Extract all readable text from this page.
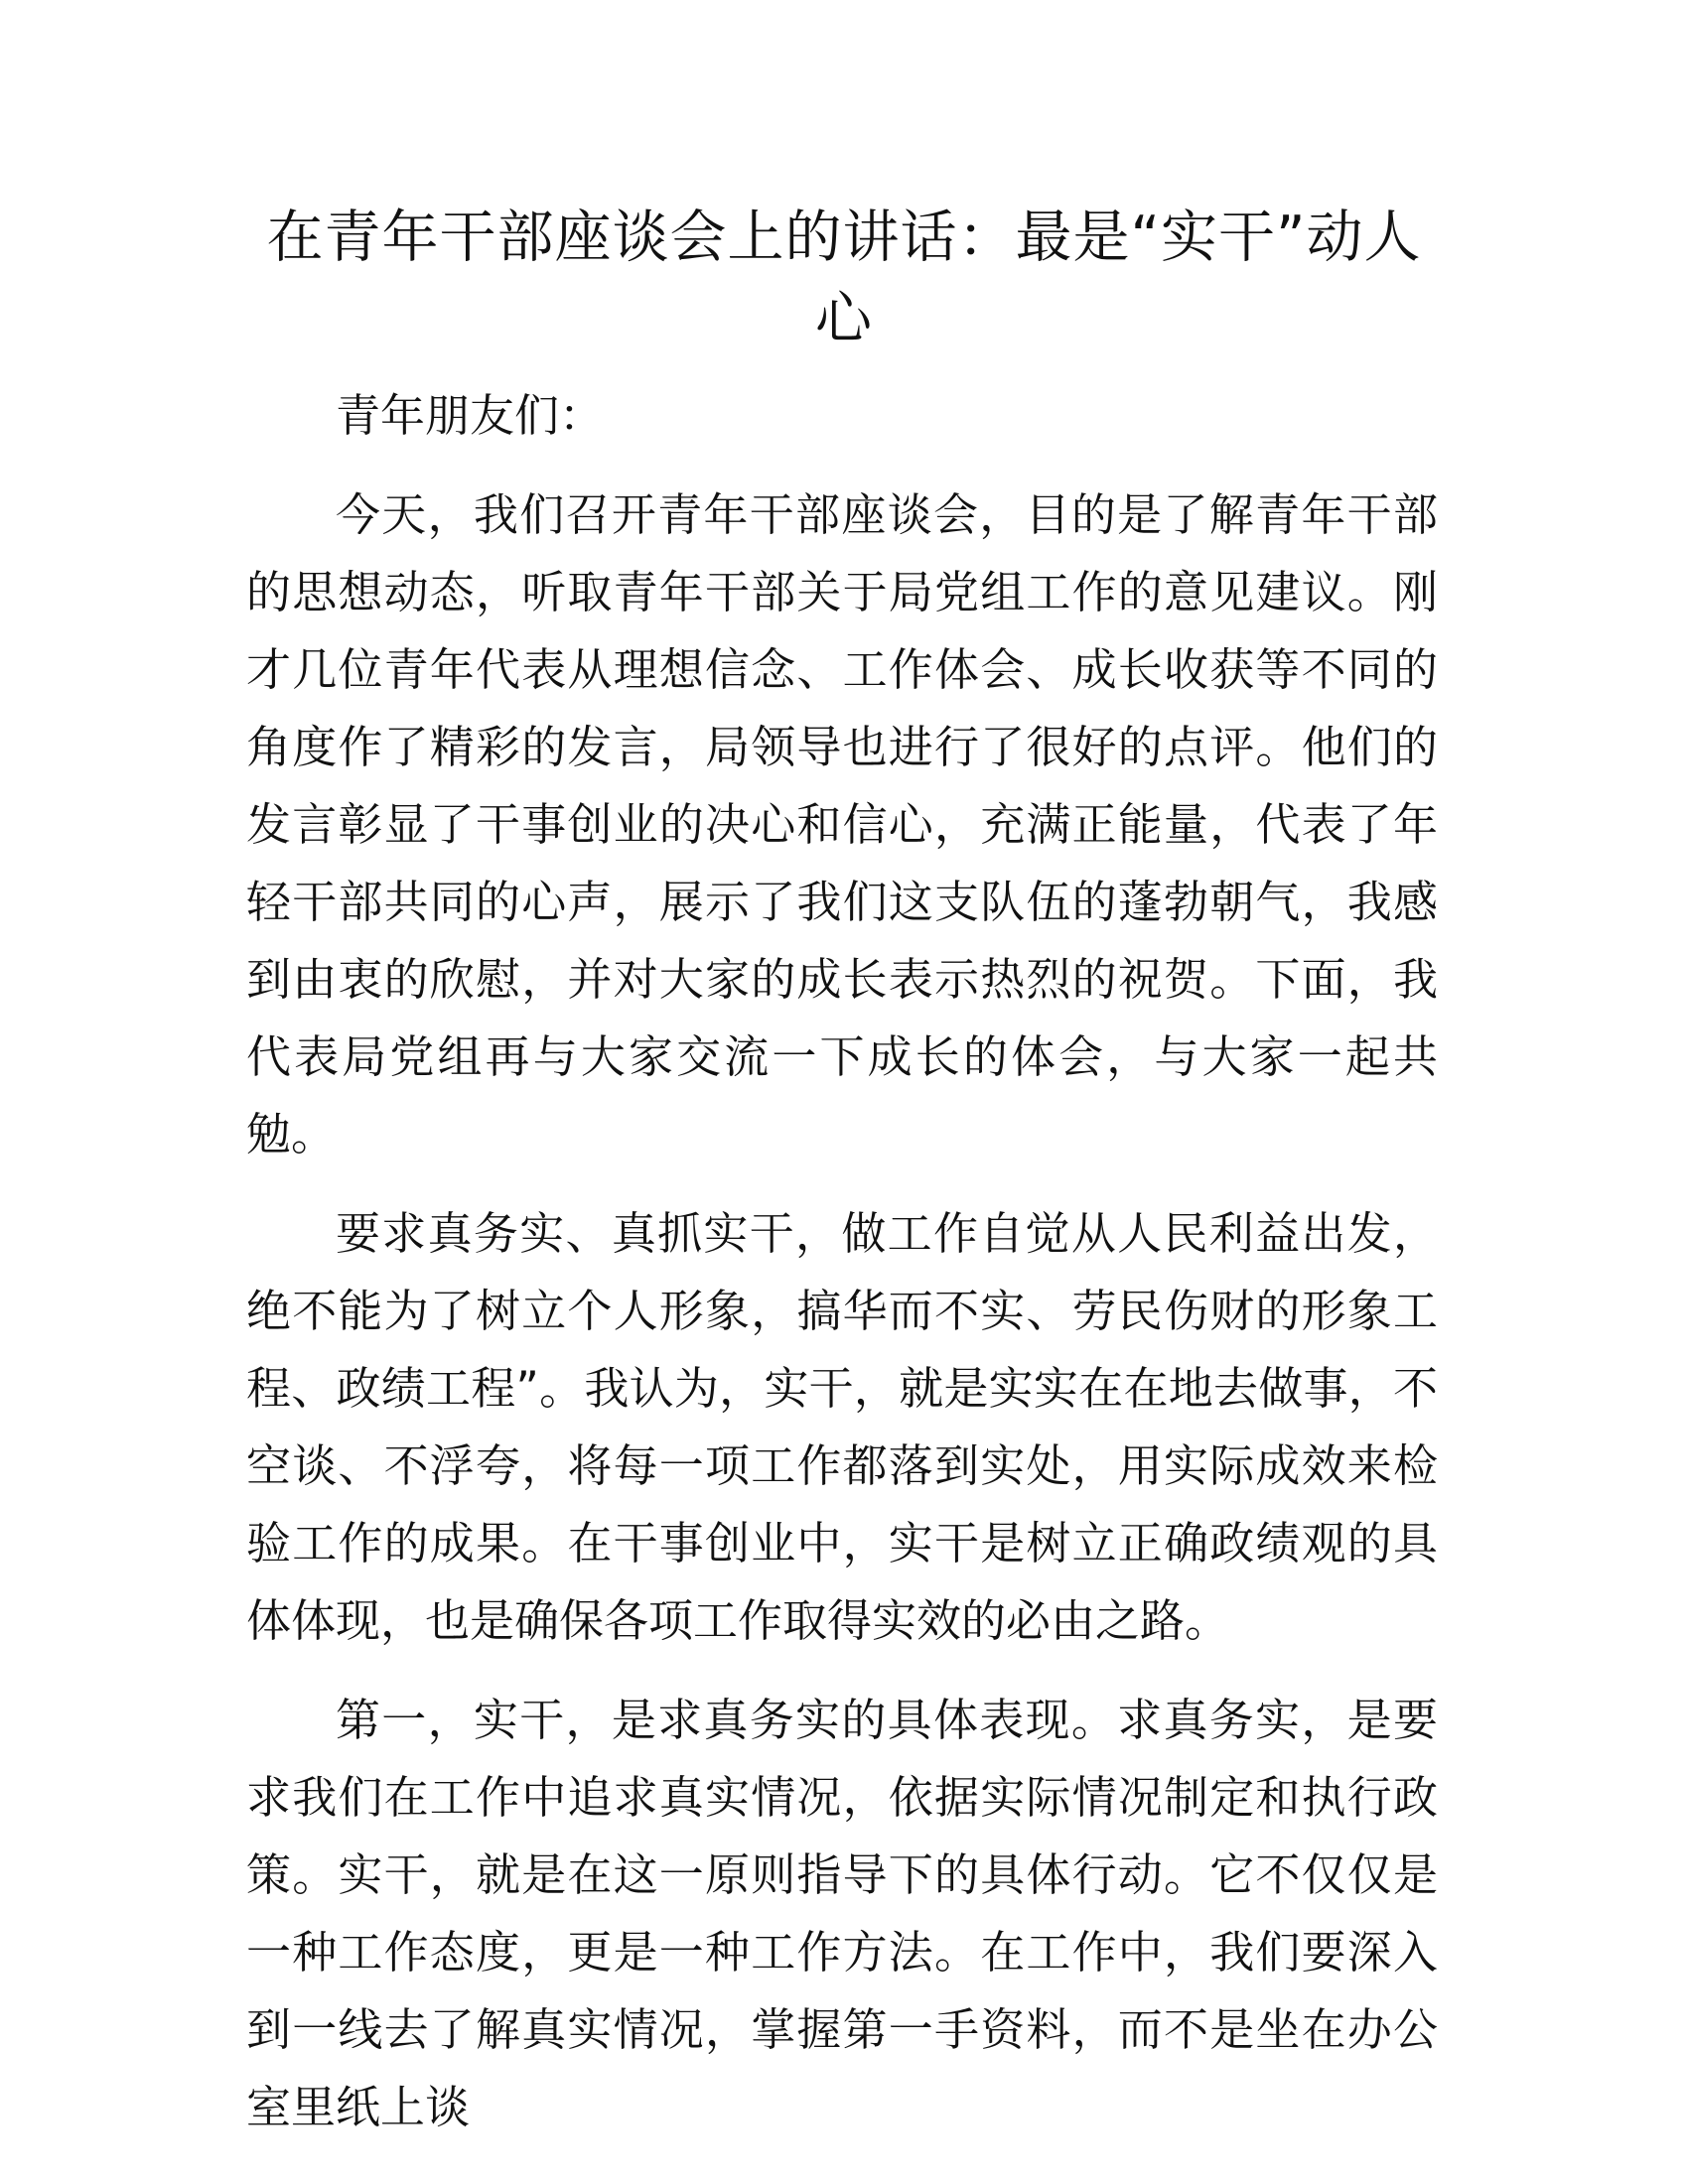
在青年干部座谈会上的讲话：最是“实干”动人心

青年朋友们：

今天，我们召开青年干部座谈会，目的是了解青年干部的思想动态，听取青年干部关于局党组工作的意见建议。刚才几位青年代表从理想信念、工作体会、成长收获等不同的角度作了精彩的发言，局领导也进行了很好的点评。他们的发言彰显了干事创业的决心和信心，充满正能量，代表了年轻干部共同的心声，展示了我们这支队伍的蓬勃朝气，我感到由衷的欣慰，并对大家的成长表示热烈的祝贺。下面，我代表局党组再与大家交流一下成长的体会，与大家一起共勉。

要求真务实、真抓实干，做工作自觉从人民利益出发，绝不能为了树立个人形象，搞华而不实、劳民伤财的形象工程、政绩工程”。我认为，实干，就是实实在在地去做事，不空谈、不浮夸，将每一项工作都落到实处，用实际成效来检验工作的成果。在干事创业中，实干是树立正确政绩观的具体体现，也是确保各项工作取得实效的必由之路。

第一，实干，是求真务实的具体表现。求真务实，是要求我们在工作中追求真实情况，依据实际情况制定和执行政策。实干，就是在这一原则指导下的具体行动。它不仅仅是一种工作态度，更是一种工作方法。在工作中，我们要深入到一线去了解真实情况，掌握第一手资料，而不是坐在办公室里纸上谈
